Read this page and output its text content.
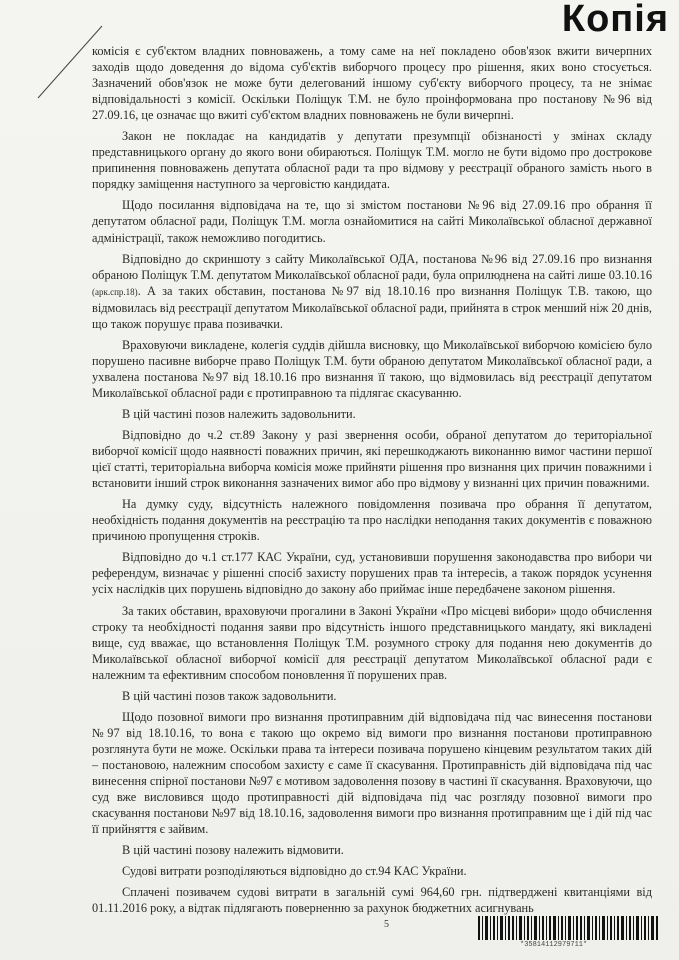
Копія

комісія є суб'єктом владних повноважень, а тому саме на неї покладено обов'язок вжити вичерпних заходів щодо доведення до відома суб'єктів виборчого процесу про рішення, яких воно стосується. Зазначений обов'язок не може бути делегований іншому суб'єкту виборчого процесу, та не знімає відповідальності з комісії. Оскільки Поліщук Т.М. не було проінформована про постанову №96 від 27.09.16, це означає що вжиті суб'єктом владних повноважень не були вичерпні.

Закон не покладає на кандидатів у депутати презумпції обізнаності у змінах складу представницького органу до якого вони обираються. Поліщук Т.М. могло не бути відомо про дострокове припинення повноважень депутата обласної ради та про відмову у реєстрації обраного замість нього в порядку заміщення наступного за черговістю кандидата.

Щодо посилання відповідача на те, що зі змістом постанови №96 від 27.09.16 про обрання її депутатом обласної ради, Поліщук Т.М. могла ознайомитися на сайті Миколаївської обласної державної адміністрації, також неможливо погодитись.

Відповідно до скриншоту з сайту Миколаївської ОДА, постанова №96 від 27.09.16 про визнання обраною Поліщук Т.М. депутатом Миколаївської обласної ради, була оприлюднена на сайті лише 03.10.16 (арк.спр.18). А за таких обставин, постанова №97 від 18.10.16 про визнання Поліщук Т.В. такою, що відмовилась від реєстрації депутатом Миколаївської обласної ради, прийнята в строк менший ніж 20 днів, що також порушує права позивачки.

Враховуючи викладене, колегія суддів дійшла висновку, що Миколаївської виборчою комісією було порушено пасивне виборче право Поліщук Т.М. бути обраною депутатом Миколаївської обласної ради, а ухвалена постанова №97 від 18.10.16 про визнання її такою, що відмовилась від реєстрації депутатом Миколаївської обласної ради є протиправною та підлягає скасуванню.

В цій частині позов належить задовольнити.

Відповідно до ч.2 ст.89 Закону у разі звернення особи, обраної депутатом до територіальної виборчої комісії щодо наявності поважних причин, які перешкоджають виконанню вимог частини першої цієї статті, територіальна виборча комісія може прийняти рішення про визнання цих причин поважними і встановити інший строк виконання зазначених вимог або про відмову у визнанні цих причин поважними.

На думку суду, відсутність належного повідомлення позивача про обрання її депутатом, необхідність подання документів на реєстрацію та про наслідки неподання таких документів є поважною причиною пропущення строків.

Відповідно до ч.1 ст.177 КАС України, суд, установивши порушення законодавства про вибори чи референдум, визначає у рішенні спосіб захисту порушених прав та інтересів, а також порядок усунення усіх наслідків цих порушень відповідно до закону або приймає інше передбачене законом рішення.

За таких обставин, враховуючи прогалини в Законі України «Про місцеві вибори» щодо обчислення строку та необхідності подання заяви про відсутність іншого представницького мандату, які викладені вище, суд вважає, що встановлення Поліщук Т.М. розумного строку для подання нею документів до Миколаївської обласної виборчої комісії для реєстрації депутатом Миколаївської обласної ради є належним та ефективним способом поновлення її порушених прав.

В цій частині позов також задовольнити.

Щодо позовної вимоги про визнання протиправним дій відповідача під час винесення постанови №97 від 18.10.16, то вона є такою що окремо від вимоги про визнання постанови протиправною розглянута бути не може. Оскільки права та інтереси позивача порушено кінцевим результатом таких дій – постановою, належним способом захисту є саме її скасування. Протиправність дій відповідача під час винесення спірної постанови №97 є мотивом задоволення позову в частині її скасування. Враховуючи, що суд вже висловився щодо протиправності дій відповідача під час розгляду позовної вимоги про скасування постанови №97 від 18.10.16, задоволення вимоги про визнання протиправним ще і дій під час її прийняття є зайвим.

В цій частині позову належить відмовити.

Судові витрати розподіляються відповідно до ст.94 КАС України.

Сплачені позивачем судові витрати в загальній сумі 964,60 грн. підтверджені квитанціями від 01.11.2016 року, а відтак підлягають поверненню за рахунок бюджетних асигнувань

5
*35814112979711*
